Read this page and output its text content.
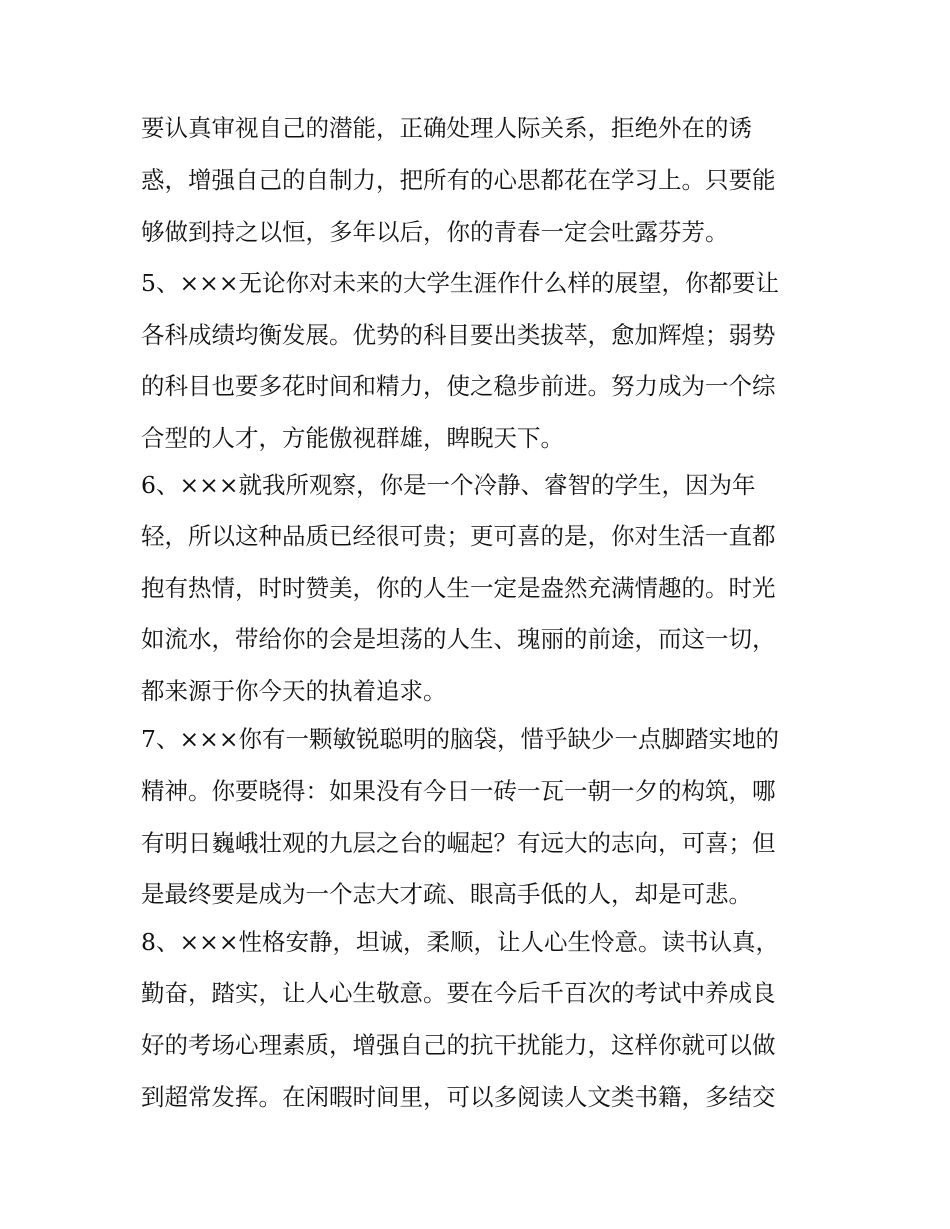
要认真审视自己的潜能，正确处理人际关系，拒绝外在的诱
惑，增强自己的自制力，把所有的心思都花在学习上。只要能
够做到持之以恒，多年以后，你的青春一定会吐露芬芳。
5、×××无论你对未来的大学生涯作什么样的展望，你都要让
各科成绩均衡发展。优势的科目要出类拔萃，愈加辉煌；弱势
的科目也要多花时间和精力，使之稳步前进。努力成为一个综
合型的人才，方能傲视群雄，睥睨天下。
6、×××就我所观察，你是一个冷静、睿智的学生，因为年
轻，所以这种品质已经很可贵；更可喜的是，你对生活一直都
抱有热情，时时赞美，你的人生一定是盎然充满情趣的。时光
如流水，带给你的会是坦荡的人生、瑰丽的前途，而这一切，
都来源于你今天的执着追求。
7、×××你有一颗敏锐聪明的脑袋，惜乎缺少一点脚踏实地的
精神。你要晓得：如果没有今日一砖一瓦一朝一夕的构筑，哪
有明日巍峨壮观的九层之台的崛起？有远大的志向，可喜；但
是最终要是成为一个志大才疏、眼高手低的人，却是可悲。
8、×××性格安静，坦诚，柔顺，让人心生怜意。读书认真，
勤奋，踏实，让人心生敬意。要在今后千百次的考试中养成良
好的考场心理素质，增强自己的抗干扰能力，这样你就可以做
到超常发挥。在闲暇时间里，可以多阅读人文类书籍，多结交
